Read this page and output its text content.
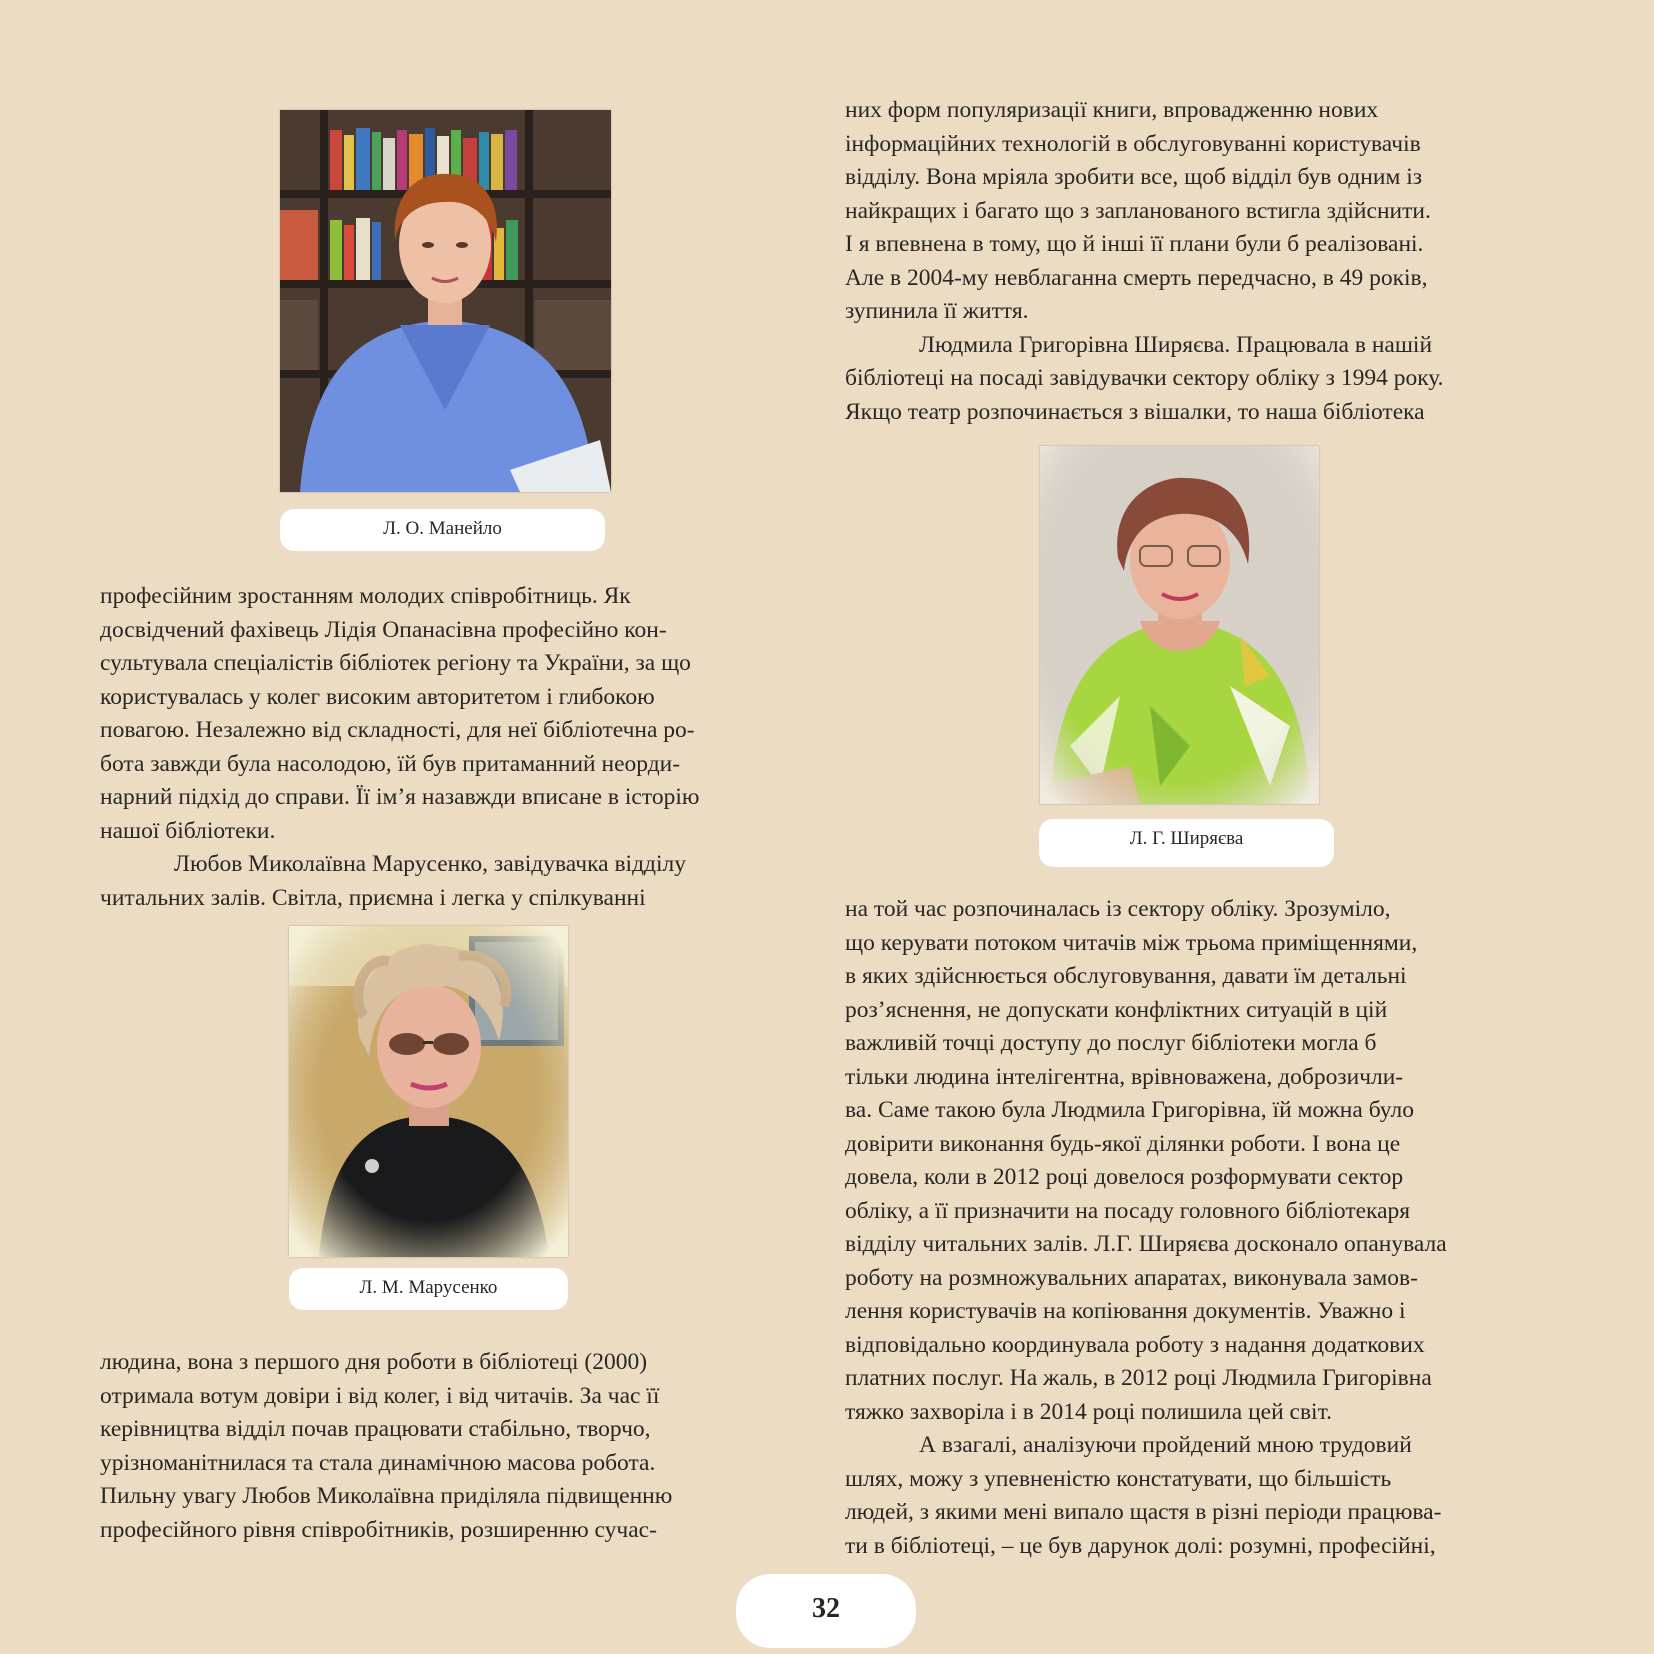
Л. О. Манейло
Л. М. Марусенко
Л. Г. Ширяєва
професійним зростанням молодих співробітниць. Як
досвідчений фахівець Лідія Опанасівна професійно кон-
сультувала спеціалістів бібліотек регіону та України, за що
користувалась у колег високим авторитетом і глибокою
повагою. Незалежно від складності, для неї бібліотечна ро-
бота завжди була насолодою, їй був притаманний неорди-
нарний підхід до справи. Її ім’я назавжди вписане в історію
нашої бібліотеки.
Любов Миколаївна Марусенко, завідувачка відділу
читальних залів. Світла, приємна і легка у спілкуванні
людина, вона з першого дня роботи в бібліотеці (2000)
отримала вотум довіри і від колег, і від читачів. За час її
керівництва відділ почав працювати стабільно, творчо,
урізноманітнилася та стала динамічною масова робота.
Пильну увагу Любов Миколаївна приділяла підвищенню
професійного рівня співробітників, розширенню сучас-
них форм популяризації книги, впровадженню нових
інформаційних технологій в обслуговуванні користувачів
відділу. Вона мріяла зробити все, щоб відділ був одним із
найкращих і багато що з запланованого встигла здійснити.
І я впевнена в тому, що й інші її плани були б реалізовані.
Але в 2004-му невблаганна смерть передчасно, в 49 років,
зупинила її життя.
Людмила Григорівна Ширяєва. Працювала в нашій
бібліотеці на посаді завідувачки сектору обліку з 1994 року.
Якщо театр розпочинається з вішалки, то наша бібліотека
на той час розпочиналась із сектору обліку. Зрозуміло,
що керувати потоком читачів між трьома приміщеннями,
в яких здійснюється обслуговування, давати їм детальні
роз’яснення, не допускати конфліктних ситуацій в цій
важливій точці доступу до послуг бібліотеки могла б
тільки людина інтелігентна, врівноважена, доброзичли-
ва. Саме такою була Людмила Григорівна, їй можна було
довірити виконання будь-якої ділянки роботи. І вона це
довела, коли в 2012 році довелося розформувати сектор
обліку, а її призначити на посаду головного бібліотекаря
відділу читальних залів. Л.Г. Ширяєва досконало опанувала
роботу на розмножувальних апаратах, виконувала замов-
лення користувачів на копіювання документів. Уважно і
відповідально координувала роботу з надання додаткових
платних послуг. На жаль, в 2012 році Людмила Григорівна
тяжко захворіла і в 2014 році полишила цей світ.
А взагалі, аналізуючи пройдений мною трудовий
шлях, можу з упевненістю констатувати, що більшість
людей, з якими мені випало щастя в різні періоди працюва-
ти в бібліотеці, – це був дарунок долі: розумні, професійні,
32
